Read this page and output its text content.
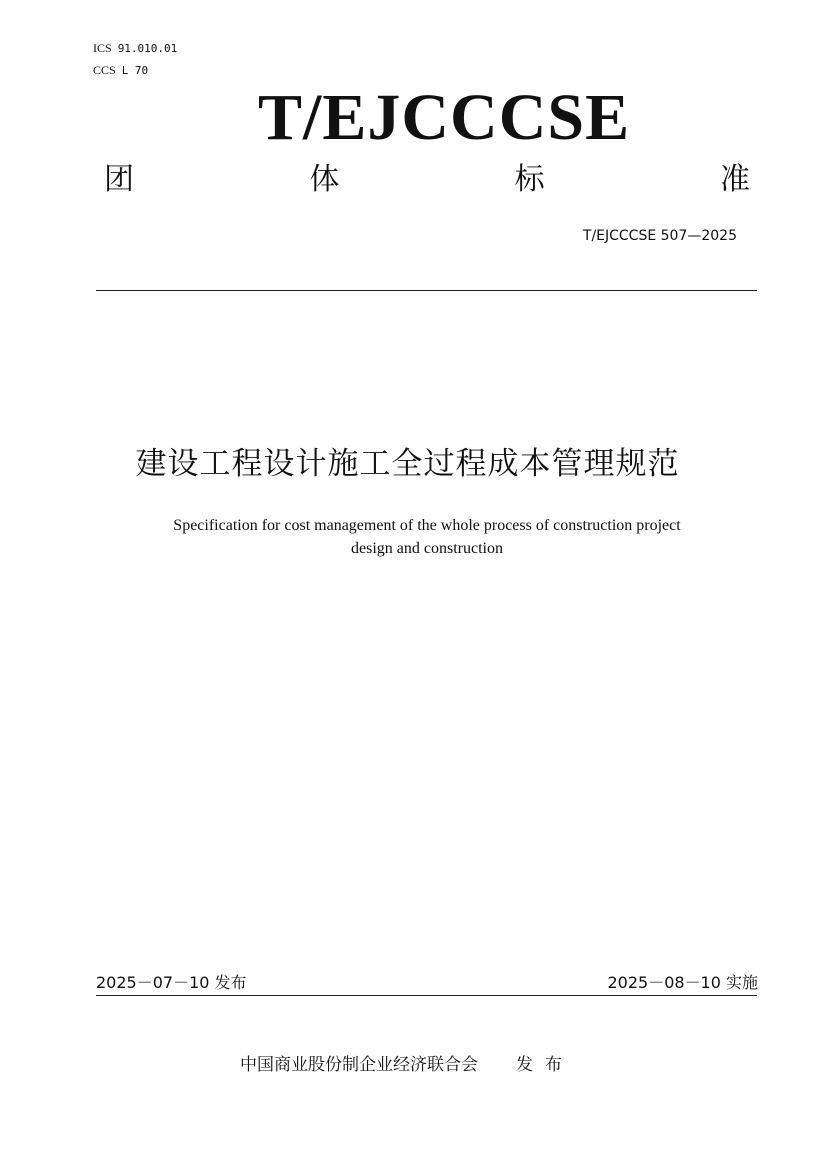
ICS 91.010.01
CCS L 70
T/EJCCCSE
团	体	标	准
T/EJCCCSE 507—2025
建设工程设计施工全过程成本管理规范
Specification for cost management of the whole process of construction project
design and construction
2025－07－10 发布	2025－08－10 实施
中国商业股份制企业经济联合会 发布
